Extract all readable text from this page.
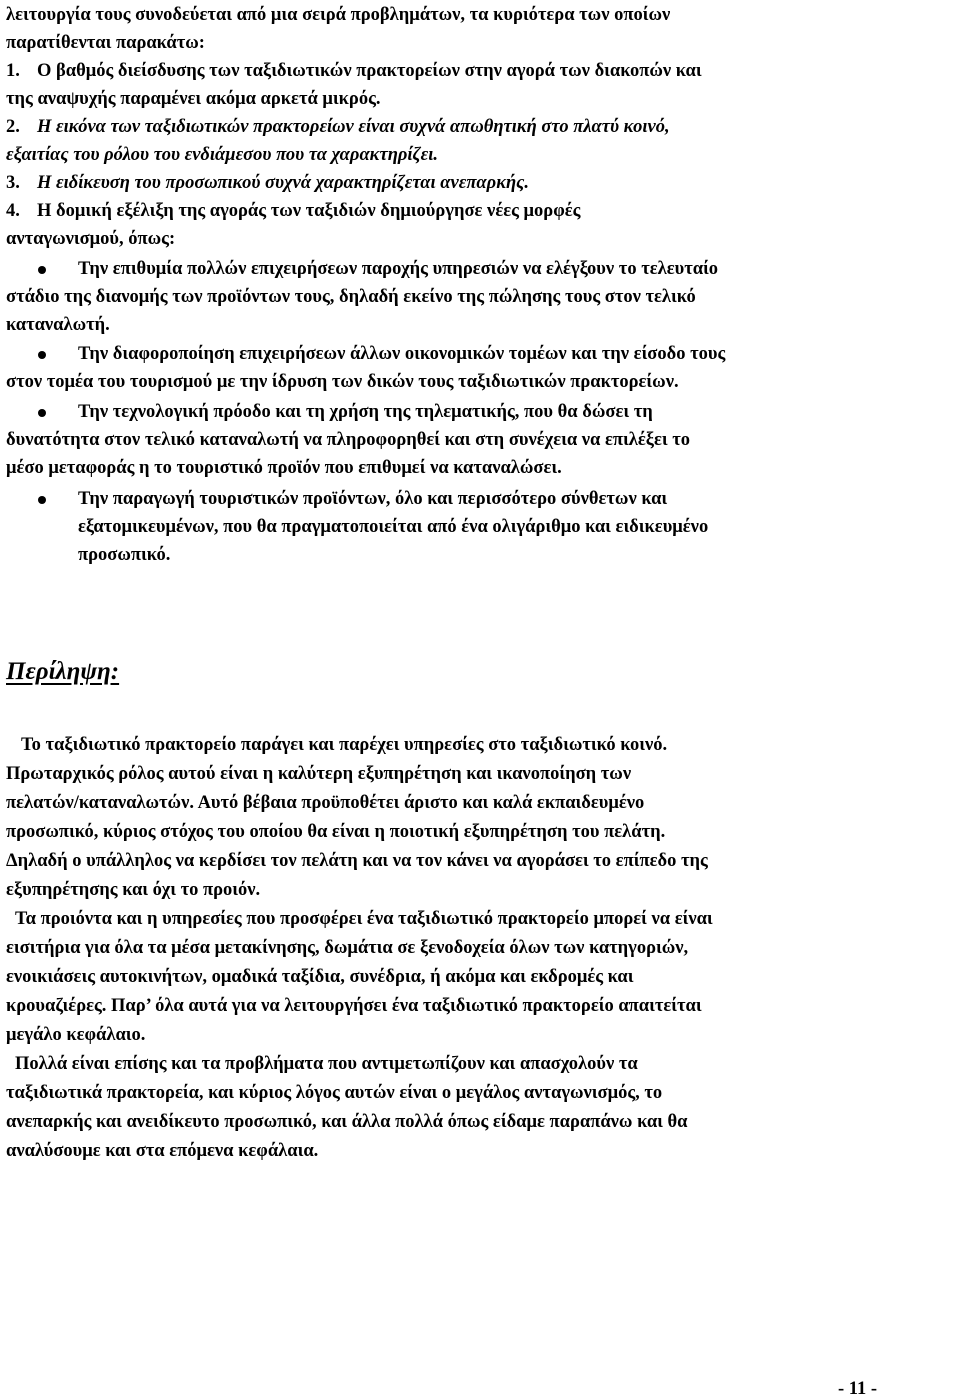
λειτουργία τους συνοδεύεται από μια σειρά προβλημάτων, τα κυριότερα των οποίων
παρατίθενται παρακάτω:
1. Ο βαθμός διείσδυσης των ταξιδιωτικών πρακτορείων στην αγορά των διακοπών και
της αναψυχής παραμένει ακόμα αρκετά μικρός.
2. Η εικόνα των ταξιδιωτικών πρακτορείων είναι συχνά απωθητική στο πλατύ κοινό,
εξαιτίας του ρόλου του ενδιάμεσου που τα χαρακτηρίζει.
3. Η ειδίκευση του προσωπικού συχνά χαρακτηρίζεται ανεπαρκής.
4. Η δομική εξέλιξη της αγοράς των ταξιδιών δημιούργησε νέες μορφές
ανταγωνισμού, όπως:
Την επιθυμία πολλών επιχειρήσεων παροχής υπηρεσιών να ελέγξουν το τελευταίο
στάδιο της διανομής των προϊόντων τους, δηλαδή εκείνο της πώλησης τους στον τελικό
καταναλωτή.
Την διαφοροποίηση επιχειρήσεων άλλων οικονομικών τομέων και την είσοδο τους
στον τομέα του τουρισμού με την ίδρυση των δικών τους ταξιδιωτικών πρακτορείων.
Την τεχνολογική πρόοδο και τη χρήση της τηλεματικής, που θα δώσει τη
δυνατότητα στον τελικό καταναλωτή να πληροφορηθεί και στη συνέχεια να επιλέξει το
μέσο μεταφοράς η το τουριστικό προϊόν που επιθυμεί να καταναλώσει.
Την παραγωγή τουριστικών προϊόντων, όλο και περισσότερο σύνθετων και
εξατομικευμένων, που θα πραγματοποιείται από ένα ολιγάριθμο και ειδικευμένο
προσωπικό.
Περίληψη:
Το ταξιδιωτικό πρακτορείο παράγει και παρέχει υπηρεσίες στο ταξιδιωτικό κοινό.
Πρωταρχικός ρόλος αυτού είναι η καλύτερη εξυπηρέτηση και ικανοποίηση των
πελατών/καταναλωτών. Αυτό βέβαια προϋποθέτει άριστο και καλά εκπαιδευμένο
προσωπικό, κύριος στόχος του οποίου θα είναι η ποιοτική εξυπηρέτηση του πελάτη.
Δηλαδή ο υπάλληλος να κερδίσει τον πελάτη και να τον κάνει να αγοράσει το επίπεδο της
εξυπηρέτησης και όχι το προιόν.
Τα προιόντα και η υπηρεσίες που προσφέρει ένα ταξιδιωτικό πρακτορείο μπορεί να είναι
εισιτήρια για όλα τα μέσα μετακίνησης, δωμάτια σε ξενοδοχεία όλων των κατηγοριών,
ενοικιάσεις αυτοκινήτων, ομαδικά ταξίδια, συνέδρια, ή ακόμα και εκδρομές και
κρουαζιέρες. Παρ’ όλα αυτά για να λειτουργήσει ένα ταξιδιωτικό πρακτορείο απαιτείται
μεγάλο κεφάλαιο.
Πολλά είναι επίσης και τα προβλήματα που αντιμετωπίζουν και απασχολούν τα
ταξιδιωτικά πρακτορεία, και κύριος λόγος αυτών είναι ο μεγάλος ανταγωνισμός, το
ανεπαρκής και ανειδίκευτο προσωπικό, και άλλα πολλά όπως είδαμε παραπάνω και θα
αναλύσουμε και στα επόμενα κεφάλαια.
- 11 -
